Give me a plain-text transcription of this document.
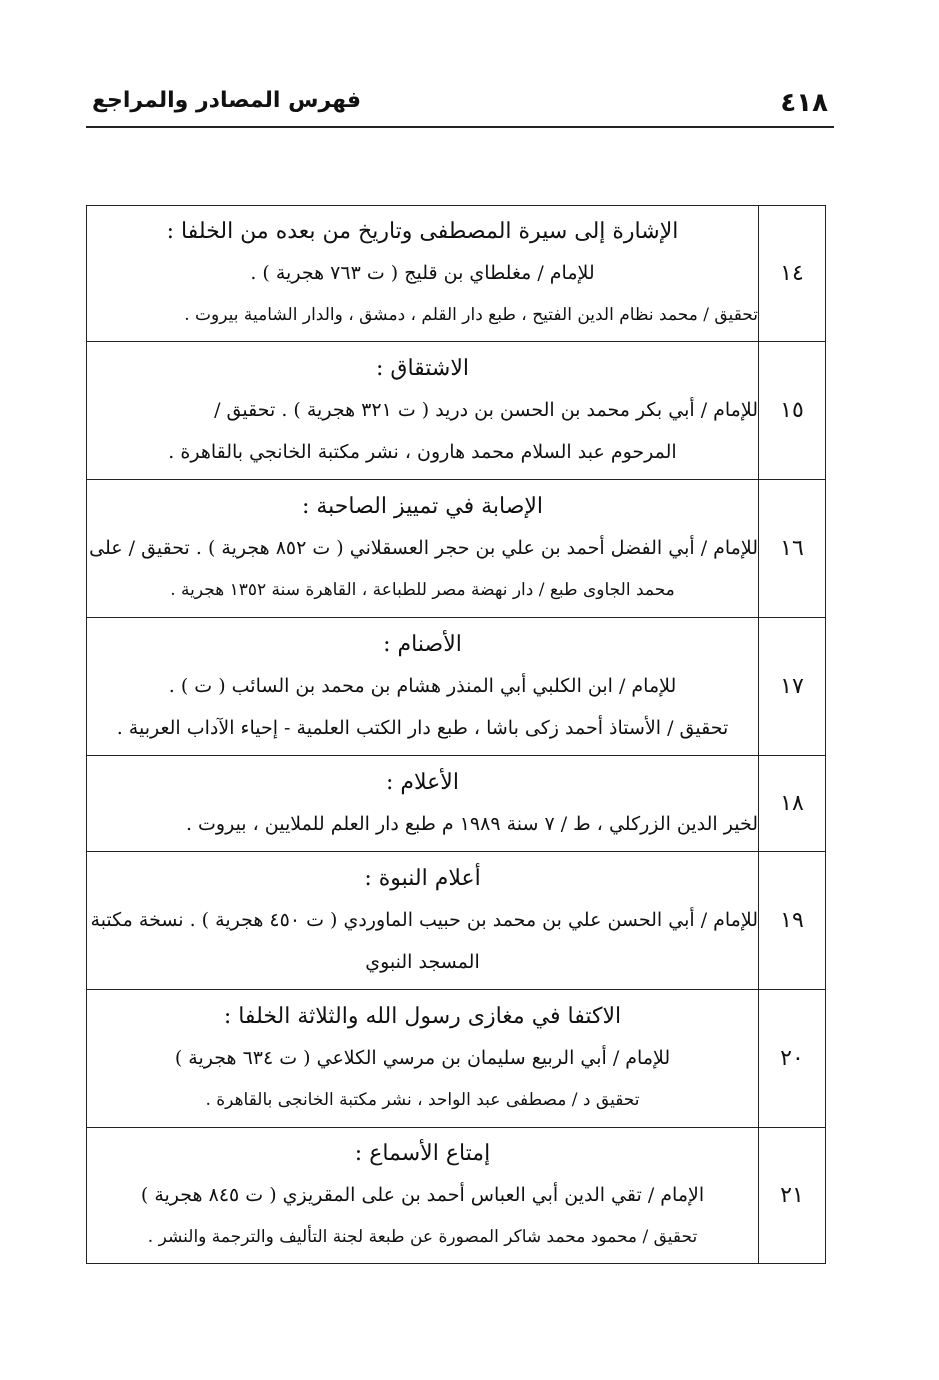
٤١٨
فهرس المصادر والمراجع
١٤	الإشارة إلى سيرة المصطفى وتاريخ من بعده من الخلفا :
للإمام / مغلطاي بن قليج ( ت ٧٦٣ هجرية ) .
تحقيق / محمد نظام الدين الفتيح ، طبع دار القلم ، دمشق ، والدار الشامية بيروت .

١٥	الاشتقاق :
للإمام / أبي بكر محمد بن الحسن بن دريد ( ت ٣٢١ هجرية ) . تحقيق /
المرحوم عبد السلام محمد هارون ، نشر مكتبة الخانجي بالقاهرة .

١٦	الإصابة في تمييز الصاحبة :
للإمام / أبي الفضل أحمد بن علي بن حجر العسقلاني ( ت ٨٥٢ هجرية ) . تحقيق / على
محمد الجاوى طبع / دار نهضة مصر للطباعة ، القاهرة سنة ١٣٥٢ هجرية .

١٧	الأصنام :
للإمام / ابن الكلبي أبي المنذر هشام بن محمد بن السائب ( ت ) .
تحقيق / الأستاذ أحمد زكى باشا ، طبع دار الكتب العلمية - إحياء الآداب العربية .

١٨	الأعلام :
لخير الدين الزركلي ، ط / ٧ سنة ١٩٨٩ م طبع دار العلم للملايين ، بيروت .

١٩	أعلام النبوة :
للإمام / أبي الحسن علي بن محمد بن حبيب الماوردي ( ت ٤٥٠ هجرية ) . نسخة مكتبة
المسجد النبوي

٢٠	الاكتفا في مغازى رسول الله والثلاثة الخلفا :
للإمام / أبي الربيع سليمان بن مرسي الكلاعي ( ت ٦٣٤ هجرية )
تحقيق د / مصطفى عبد الواحد ، نشر مكتبة الخانجى بالقاهرة .

٢١	إمتاع الأسماع :
الإمام / تقي الدين أبي العباس أحمد بن على المقريزي ( ت ٨٤٥ هجرية )
تحقيق / محمود محمد شاكر المصورة عن طبعة لجنة التأليف والترجمة والنشر .
